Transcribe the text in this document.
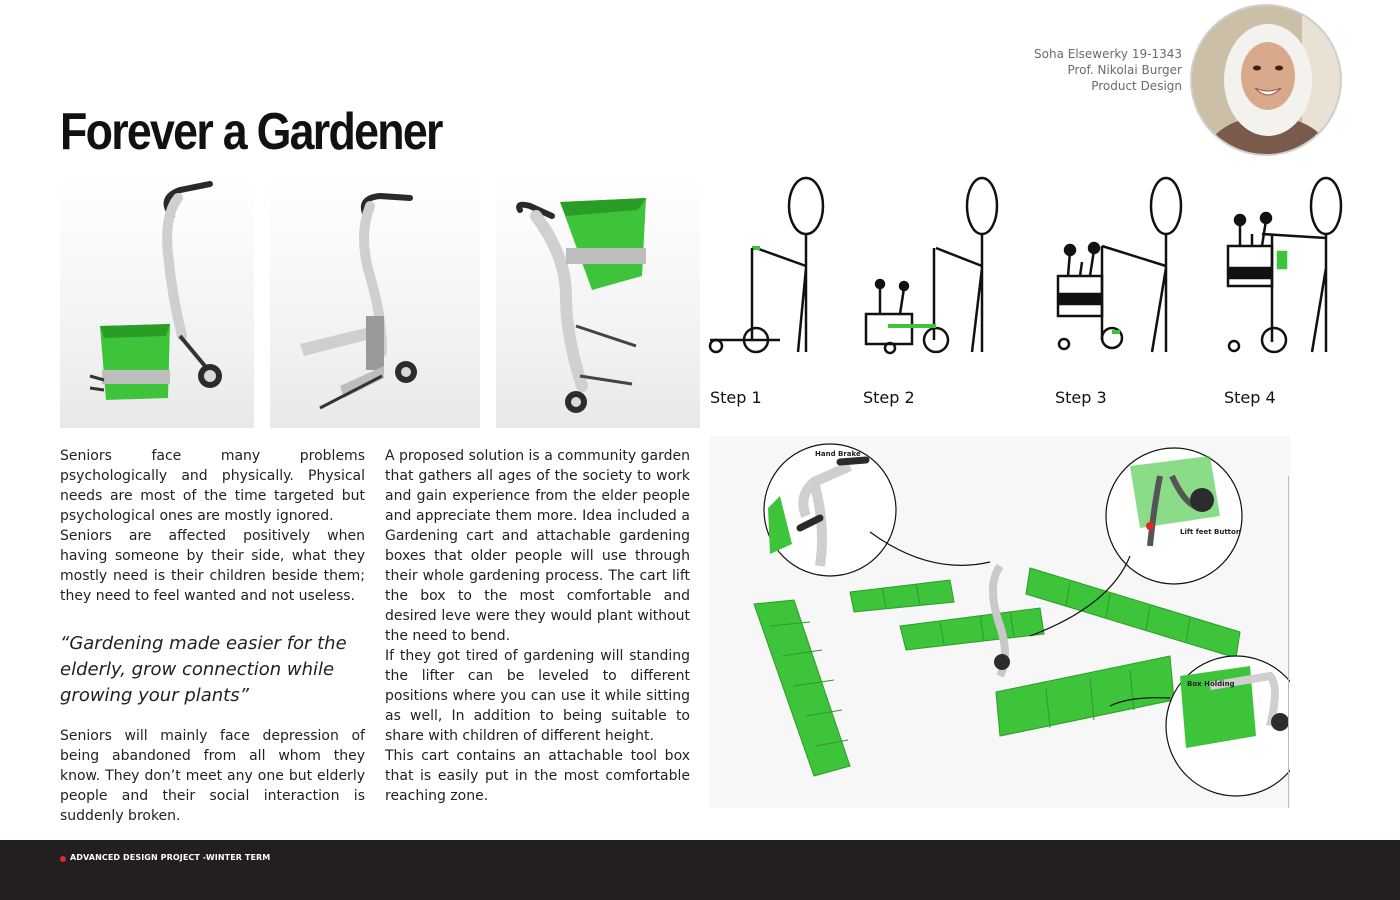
Soha Elsewerky 19-1343
Prof. Nikolai Burger
Product Design
Forever a Gardener
Step 1	Step 2	Step 3	Step 4

Seniors face many problems psychologically and physically. Physical needs are most of the time targeted but psychological ones are mostly ignored.

Seniors are affected positively when having someone by their side, what they mostly need is their children beside them; they need to feel wanted and not useless.

“Gardening made easier for the elderly, grow connection while growing your plants”

Seniors will mainly face depression of being abandoned from all whom they know. They don’t meet any one but elderly people and their social interaction is suddenly broken.

A proposed solution is a community garden that gathers all ages of the society to work and gain experience from the elder people and appreciate them more. Idea included a Gardening cart and attachable gardening boxes that older people will use through their whole gardening process. The cart lift the box to the most comfortable and desired leve were they would plant without the need to bend.

If they got tired of gardening will standing the lifter can be leveled to different positions where you can use it while sitting as well, In addition to being suitable to share with children of different height.

This cart contains an attachable tool box that is easily put in the most comfortable reaching zone.

Hand Brake
Lift feet Button
Box Holding
ADVANCED DESIGN PROJECT -WINTER TERM
